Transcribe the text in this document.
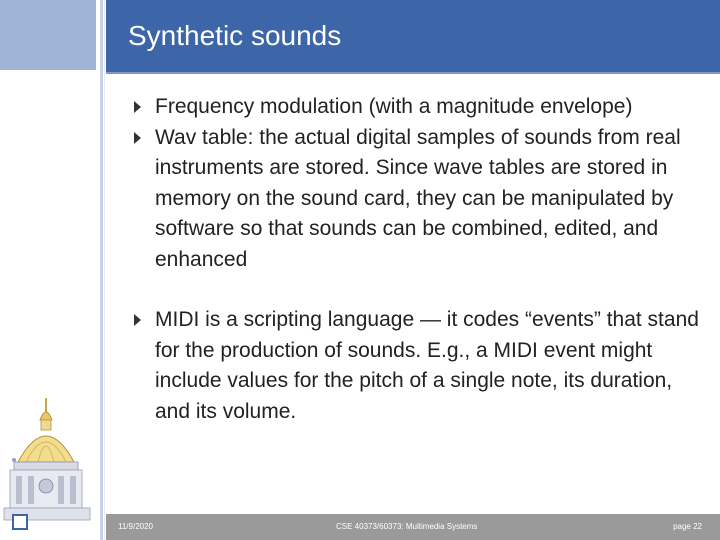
Synthetic sounds
Frequency modulation (with a magnitude envelope)
Wav table: the actual digital samples of sounds from real instruments are stored. Since wave tables are stored in memory on the sound card, they can be manipulated by software so that sounds can be combined, edited, and enhanced
MIDI is a scripting language — it codes “events” that stand for the production of sounds. E.g., a MIDI event might include values for the pitch of a single note, its duration, and its volume.
11/9/2020	CSE 40373/60373: Multimedia Systems	page 22
